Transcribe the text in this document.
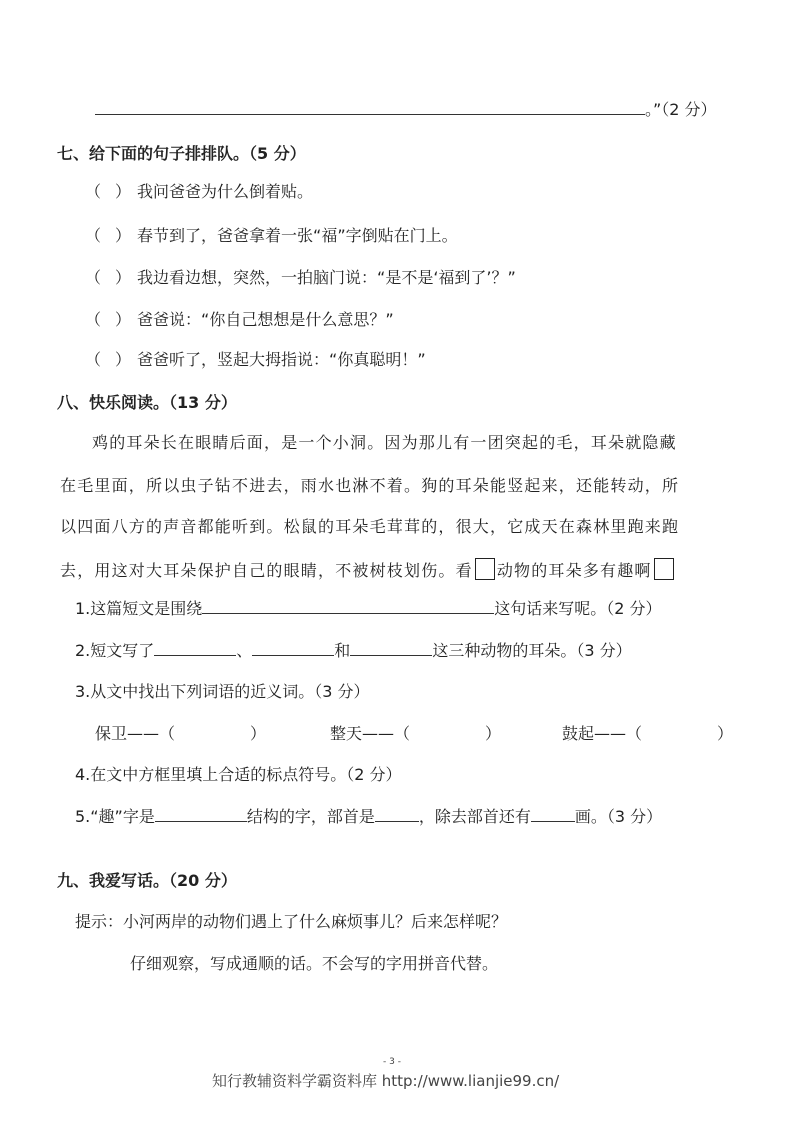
。”（2 分）
七、给下面的句子排排队。（5 分）
（ ） 我问爸爸为什么倒着贴。
（ ） 春节到了，爸爸拿着一张“福”字倒贴在门上。
（ ） 我边看边想，突然，一拍脑门说：“是不是‘福到了’？”
（ ） 爸爸说：“你自己想想是什么意思？”
（ ） 爸爸听了，竖起大拇指说：“你真聪明！”
八、快乐阅读。（13 分）
鸡的耳朵长在眼睛后面，是一个小洞。因为那儿有一团突起的毛，耳朵就隐藏
在毛里面，所以虫子钻不进去，雨水也淋不着。狗的耳朵能竖起来，还能转动，所
以四面八方的声音都能听到。松鼠的耳朵毛茸茸的，很大，它成天在森林里跑来跑
去，用这对大耳朵保护自己的眼睛，不被树枝划伤。看 动物的耳朵多有趣啊
1.这篇短文是围绕	这句话来写呢。（2 分）
2.短文写了	、	和	这三种动物的耳朵。（3 分）
3.从文中找出下列词语的近义词。（3 分）
保卫——（	）	整天——（	）	鼓起——（	）
4.在文中方框里填上合适的标点符号。（2 分）
5.“趣”字是	结构的字，部首是	，除去部首还有	画。（3 分）
九、我爱写话。（20 分）
提示：小河两岸的动物们遇上了什么麻烦事儿？后来怎样呢？
仔细观察，写成通顺的话。不会写的字用拼音代替。
- 3 -
知行教辅资料学霸资料库 http://www.lianjie99.cn/
